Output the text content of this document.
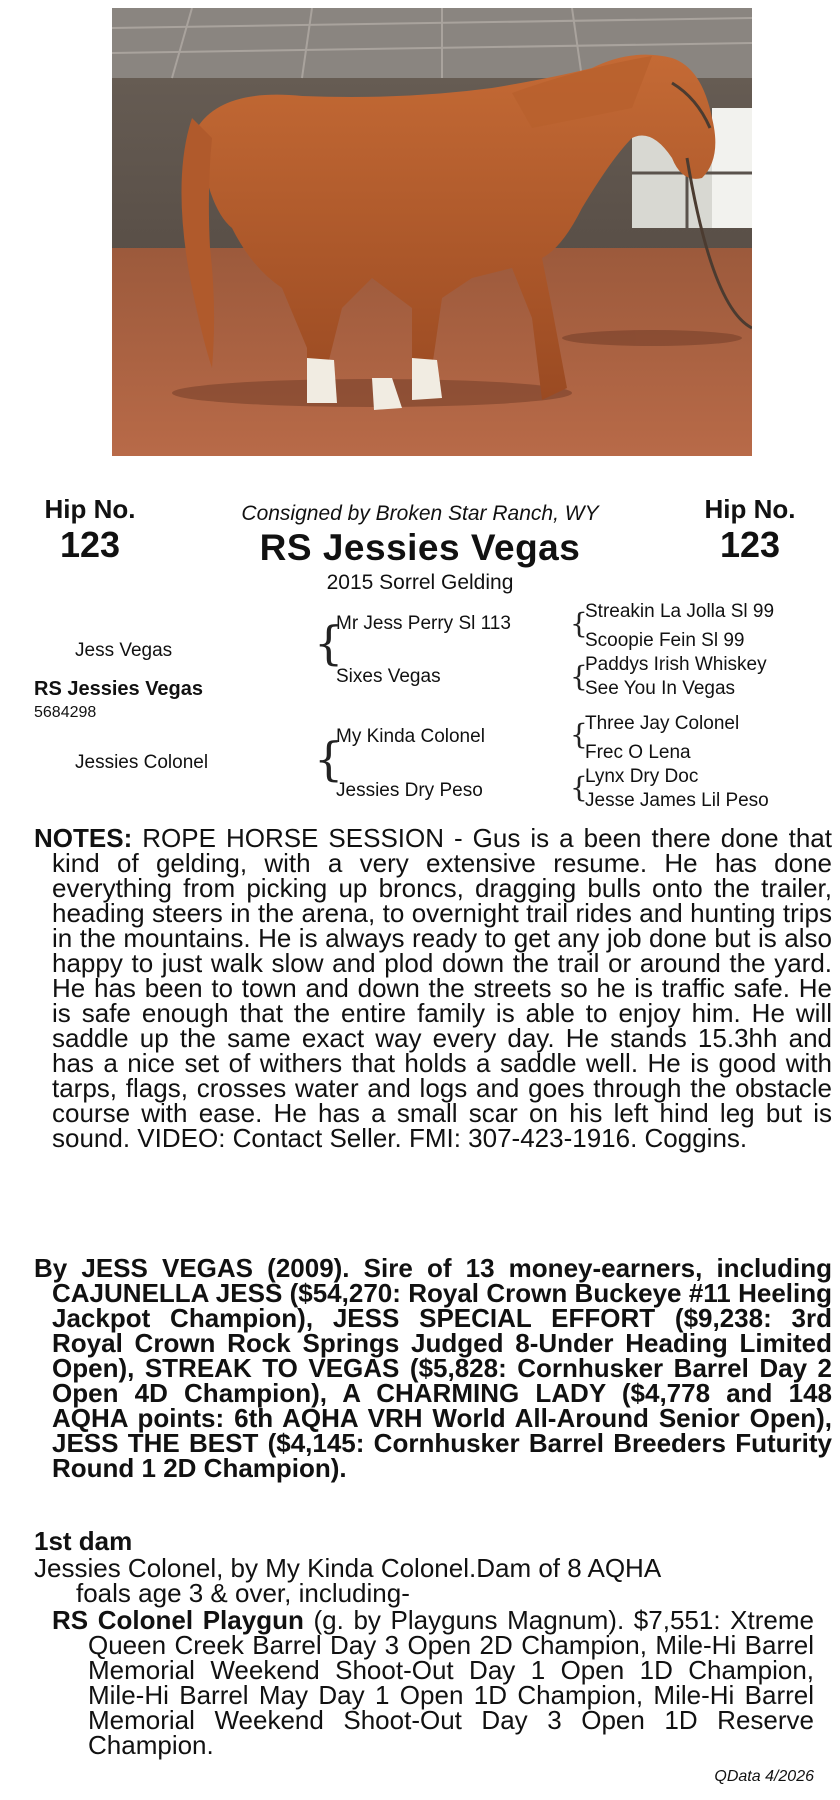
Hip No.
123
Hip No.
123
Consigned by Broken Star Ranch, WY
RS Jessies Vegas
2015 Sorrel Gelding
Jess Vegas
RS Jessies Vegas
5684298
Jessies Colonel
{
Mr Jess Perry Sl 113
Sixes Vegas
{
My Kinda Colonel
Jessies Dry Peso
{
Streakin La Jolla Sl 99
Scoopie Fein Sl 99
{
Paddys Irish Whiskey
See You In Vegas
{
Three Jay Colonel
Frec O Lena
{
Lynx Dry Doc
Jesse James Lil Peso
NOTES: ROPE HORSE SESSION - Gus is a been there done that kind of gelding, with a very extensive resume. He has done everything from picking up broncs, dragging bulls onto the trailer, heading steers in the arena, to overnight trail rides and hunting trips in the mountains. He is always ready to get any job done but is also happy to just walk slow and plod down the trail or around the yard. He has been to town and down the streets so he is traffic safe. He is safe enough that the entire family is able to enjoy him. He will saddle up the same exact way every day. He stands 15.3hh and has a nice set of withers that holds a saddle well. He is good with tarps, flags, crosses water and logs and goes through the obstacle course with ease. He has a small scar on his left hind leg but is sound. VIDEO: Contact Seller. FMI: 307-423-1916. Coggins.
By JESS VEGAS (2009). Sire of 13 money-earners, including CAJUNELLA JESS ($54,270: Royal Crown Buckeye #11 Heeling Jackpot Champion), JESS SPECIAL EFFORT ($9,238: 3rd Royal Crown Rock Springs Judged 8-Under Heading Limited Open), STREAK TO VEGAS ($5,828: Cornhusker Barrel Day 2 Open 4D Champion), A CHARMING LADY ($4,778 and 148 AQHA points: 6th AQHA VRH World All-Around Senior Open), JESS THE BEST ($4,145: Cornhusker Barrel Breeders Futurity Round 1 2D Champion).
1st dam
Jessies Colonel, by My Kinda Colonel.Dam of 8 AQHA
foals age 3 & over, including-
RS Colonel Playgun (g. by Playguns Magnum). $7,551: Xtreme Queen Creek Barrel Day 3 Open 2D Champion, Mile-Hi Barrel Memorial Weekend Shoot-Out Day 1 Open 1D Champion, Mile-Hi Barrel May Day 1 Open 1D Champion, Mile-Hi Barrel Memorial Weekend Shoot-Out Day 3 Open 1D Reserve Champion.
QData 4/2026
